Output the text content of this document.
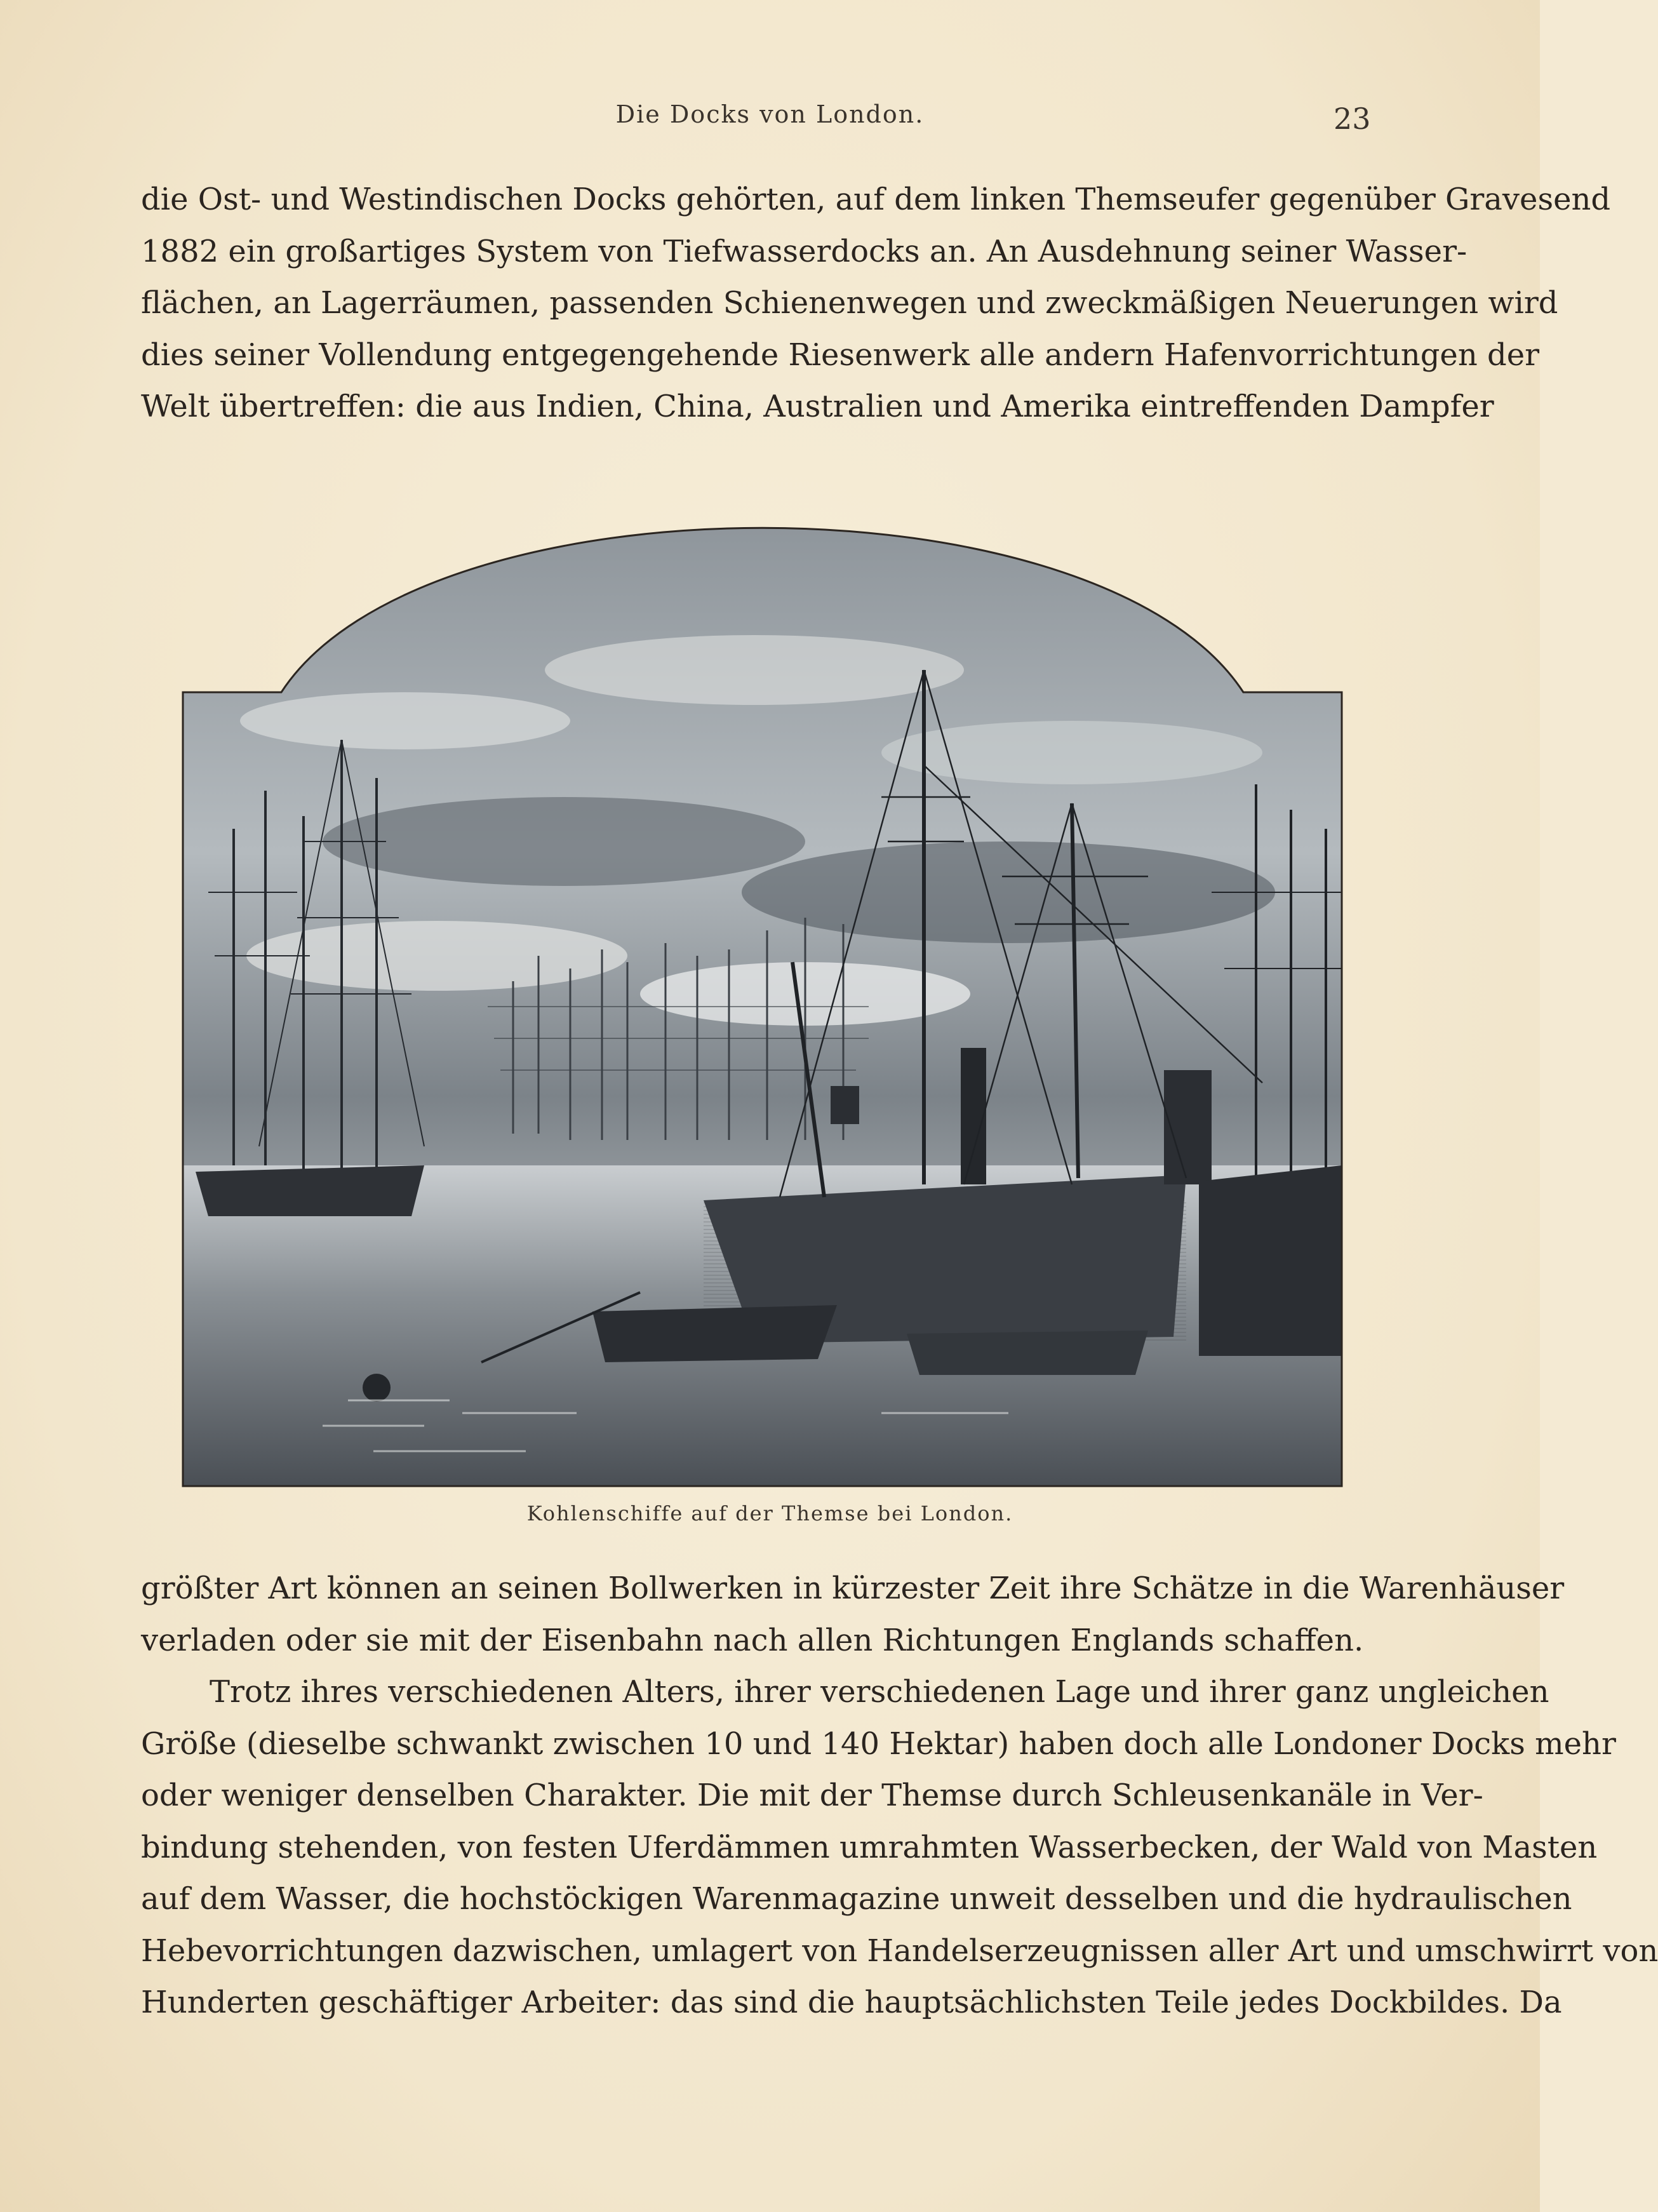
Die Docks von London.	23
die Ost- und Westindischen Docks gehörten, auf dem linken Themseufer gegenüber Gravesend
1882 ein großartiges System von Tiefwasserdocks an. An Ausdehnung seiner Wasser-
flächen, an Lagerräumen, passenden Schienenwegen und zweckmäßigen Neuerungen wird
dies seiner Vollendung entgegengehende Riesenwerk alle andern Hafenvorrichtungen der
Welt übertreffen: die aus Indien, China, Australien und Amerika eintreffenden Dampfer
Kohlenschiffe auf der Themse bei London.
größter Art können an seinen Bollwerken in kürzester Zeit ihre Schätze in die Warenhäuser
verladen oder sie mit der Eisenbahn nach allen Richtungen Englands schaffen.
Trotz ihres verschiedenen Alters, ihrer verschiedenen Lage und ihrer ganz ungleichen
Größe (dieselbe schwankt zwischen 10 und 140 Hektar) haben doch alle Londoner Docks mehr
oder weniger denselben Charakter. Die mit der Themse durch Schleusenkanäle in Ver-
bindung stehenden, von festen Uferdämmen umrahmten Wasserbecken, der Wald von Masten
auf dem Wasser, die hochstöckigen Warenmagazine unweit desselben und die hydraulischen
Hebevorrichtungen dazwischen, umlagert von Handelserzeugnissen aller Art und umschwirrt von
Hunderten geschäftiger Arbeiter: das sind die hauptsächlichsten Teile jedes Dockbildes. Da
